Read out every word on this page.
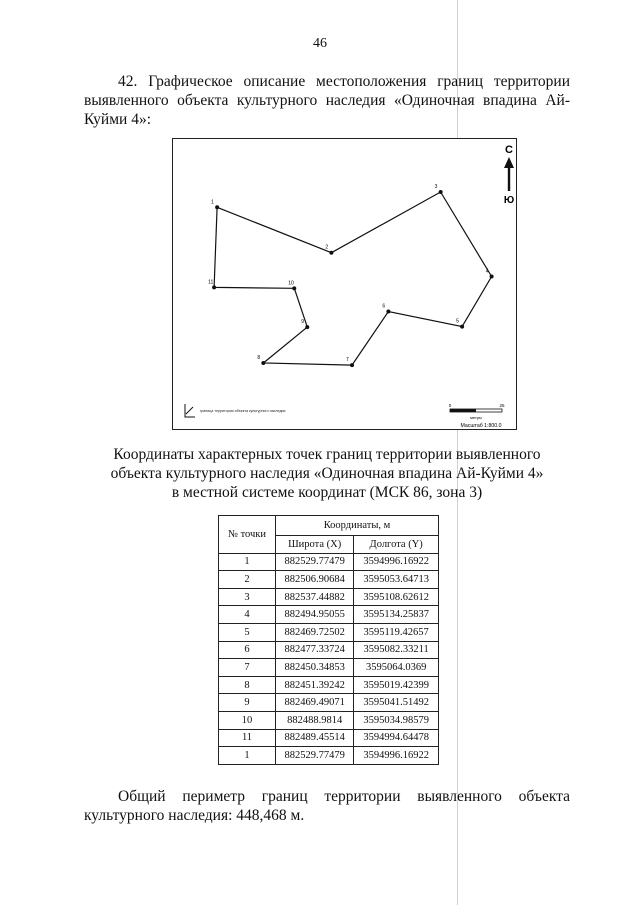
46
42. Графическое описание местоположения границ территории выявленного объекта культурного наследия «Одиночная впадина Ай-Куйми 4»:
1
2
3
4
5
6
7
8
9
10
11
С
Ю
граница территории объекта культурного наследия
0	25
метры
Масштаб 1:800.0
Координаты характерных точек границ территории выявленного
объекта культурного наследия «Одиночная впадина Ай-Куйми 4»
в местной системе координат (МСК 86, зона 3)
№ точки	Координаты, м	
	Широта (X)	Долгота (Y)
1	882529.77479	3594996.16922
2	882506.90684	3595053.64713
3	882537.44882	3595108.62612
4	882494.95055	3595134.25837
5	882469.72502	3595119.42657
6	882477.33724	3595082.33211
7	882450.34853	3595064.0369
8	882451.39242	3595019.42399
9	882469.49071	3595041.51492
10	882488.9814	3595034.98579
11	882489.45514	3594994.64478
1	882529.77479	3594996.16922
Общий периметр границ территории выявленного объекта культурного наследия: 448,468 м.
